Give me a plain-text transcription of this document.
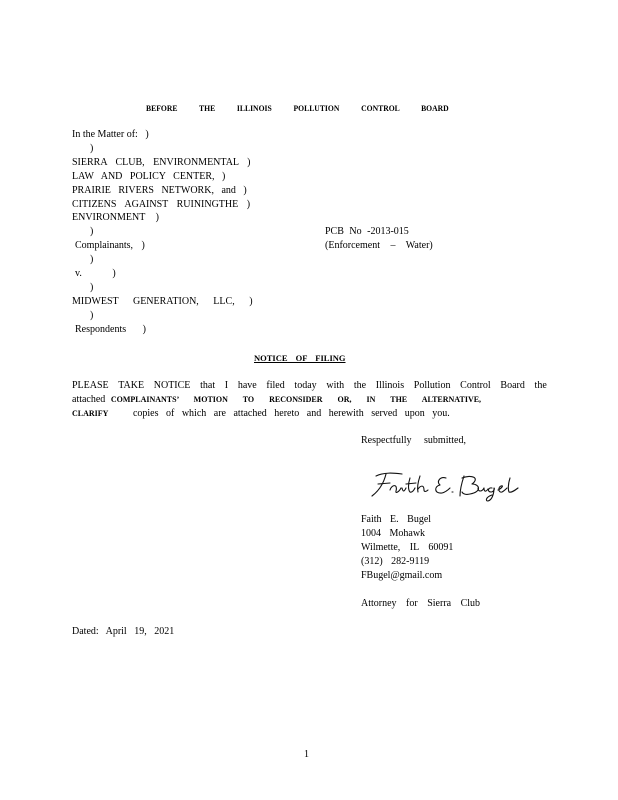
BEFORE THE ILLINOIS POLLUTION CONTROL BOARD
In the Matter of: )
)
SIERRA CLUB, ENVIRONMENTAL )
LAW AND POLICY CENTER, )
PRAIRIE RIVERS NETWORK, and )
CITIZENS AGAINST RUININGTHE )
ENVIRONMENT )
)
Complainants, )
)
v. )
)
MIDWEST GENERATION, LLC, )
)
Respondents )
PCB No -2013-015
(Enforcement – Water)
NOTICE OF FILING
PLEASE TAKE NOTICE that I have filed today with the Illinois Pollution Control Board the
attached COMPLAINANTS’ MOTION TO RECONSIDER OR, IN THE ALTERNATIVE,
CLARIFY copies of which are attached hereto and herewith served upon you.
Respectfully submitted,
Faith E. Bugel
1004 Mohawk
Wilmette, IL 60091
(312) 282-9119
FBugel@gmail.com
Attorney for Sierra Club
Dated: April 19, 2021
1
